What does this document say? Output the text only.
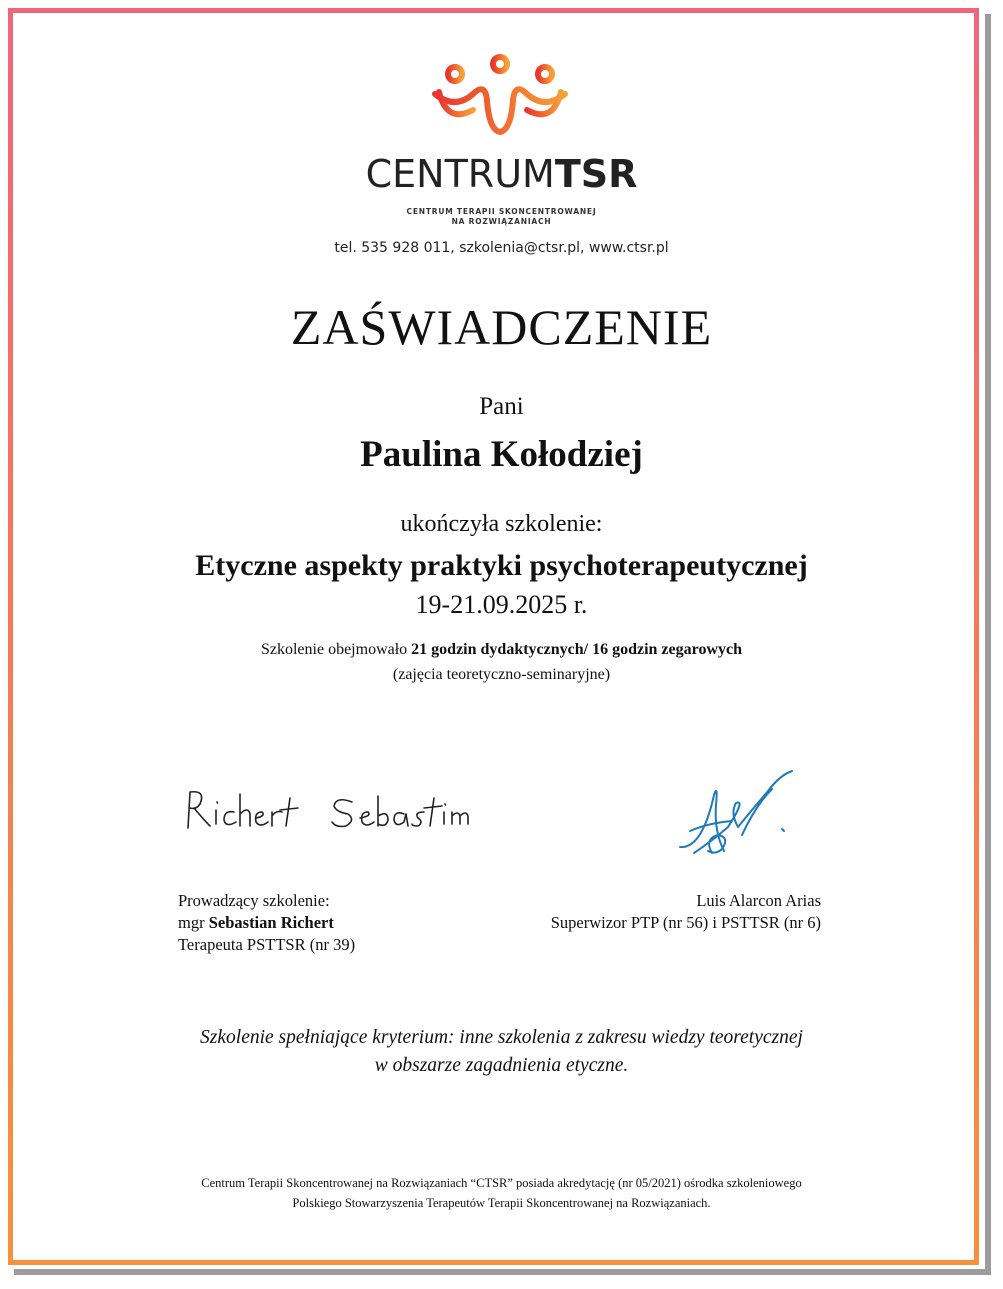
CENTRUMTSR
CENTRUM TERAPII SKONCENTROWANEJ
NA ROZWIĄZANIACH
tel. 535 928 011, szkolenia@ctsr.pl, www.ctsr.pl
ZAŚWIADCZENIE
Pani
Paulina Kołodziej
ukończyła szkolenie:
Etyczne aspekty praktyki psychoterapeutycznej
19-21.09.2025 r.
Szkolenie obejmowało 21 godzin dydaktycznych/ 16 godzin zegarowych
(zajęcia teoretyczno-seminaryjne)
Prowadzący szkolenie:
mgr Sebastian Richert
Terapeuta PSTTSR (nr 39)
Luis Alarcon Arias
Superwizor PTP (nr 56) i PSTTSR (nr 6)
Szkolenie spełniające kryterium: inne szkolenia z zakresu wiedzy teoretycznej
w obszarze zagadnienia etyczne.
Centrum Terapii Skoncentrowanej na Rozwiązaniach “CTSR” posiada akredytację (nr 05/2021) ośrodka szkoleniowego
Polskiego Stowarzyszenia Terapeutów Terapii Skoncentrowanej na Rozwiązaniach.
